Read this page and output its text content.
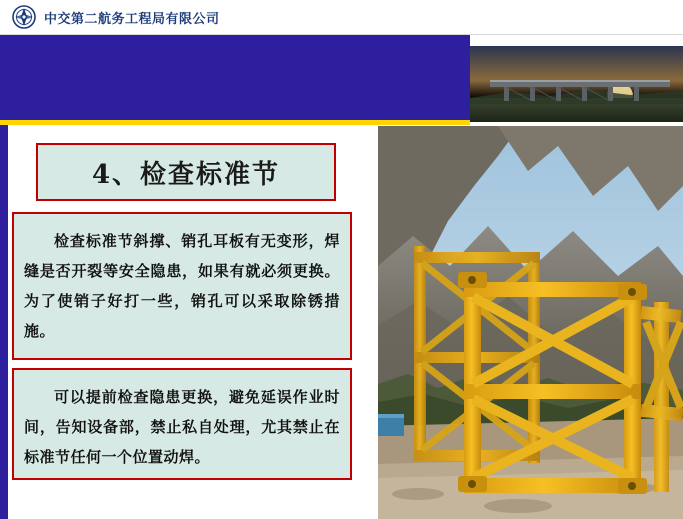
中交第二航务工程局有限公司
4、检查标准节

检查标准节斜撑、销孔耳板有无变形，焊缝是否开裂等安全隐患，如果有就必须更换。为了使销子好打一些，销孔可以采取除锈措施。

可以提前检查隐患更换，避免延误作业时间，告知设备部，禁止私自处理，尤其禁止在标准节任何一个位置动焊。
